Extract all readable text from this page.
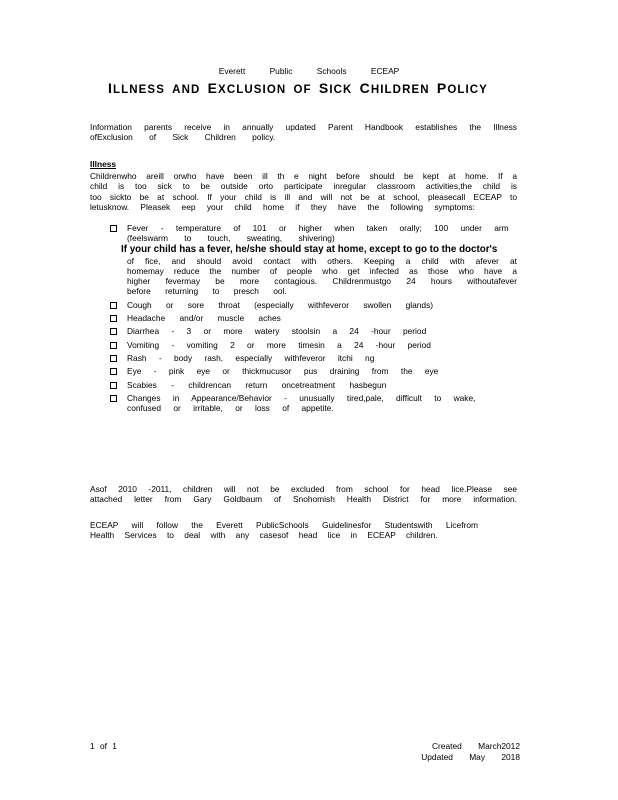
Everett Public Schools ECEAP
ILLNESS AND EXCLUSION OF SICK CHILDREN POLICY
Information parents receive in annually updated Parent Handbook establishes the Illness
ofExclusion of Sick Children policy.
Illness
Childrenwho areill orwho have been ill th e night before should be kept at home. If a
child is too sick to be outside orto participate inregular classroom activities,the child is
too sickto be at school. If your child is ill and will not be at school, pleasecall ECEAP to
letusknow. Pleasek eep your child home if they have the following symptoms:
Fever - temperature of 101 or higher when taken orally; 100 under arm
(feelswarm to touch, sweating, shivering)
If your child has a fever, he/she should stay at home, except to go to the doctor's
of fice, and should avoid contact with others. Keeping a child with afever at
homemay reduce the number of people who get infected as those who have a
higher fevermay be more contagious. Childrenmustgo 24 hours withoutafever
before returning to presch ool.
Cough or sore throat (especially withfeveror swollen glands)
Headache and/or muscle aches
Diarrhea - 3 or more watery stoolsin a 24 -hour period
Vomiting - vomiting 2 or more timesin a 24 -hour period
Rash - body rash, especially withfeveror itchi ng
Eye - pink eye or thickmucusor pus draining from the eye
Scabies - childrencan return oncetreatment hasbegun
Changes in Appearance/Behavior - unusually tired,pale, difficult to wake,
confused or irritable, or loss of appetite.
Asof 2010 -2011, children will not be excluded from school for head lice.Please see
attached letter from Gary Goldbaum of Snohomish Health District for more information.
ECEAP will follow the Everett PublicSchools Guidelinesfor Studentswith Licefrom
Health Services to deal with any casesof head lice in ECEAP children.
1 of 1	Created March2012
Updated May 2018
